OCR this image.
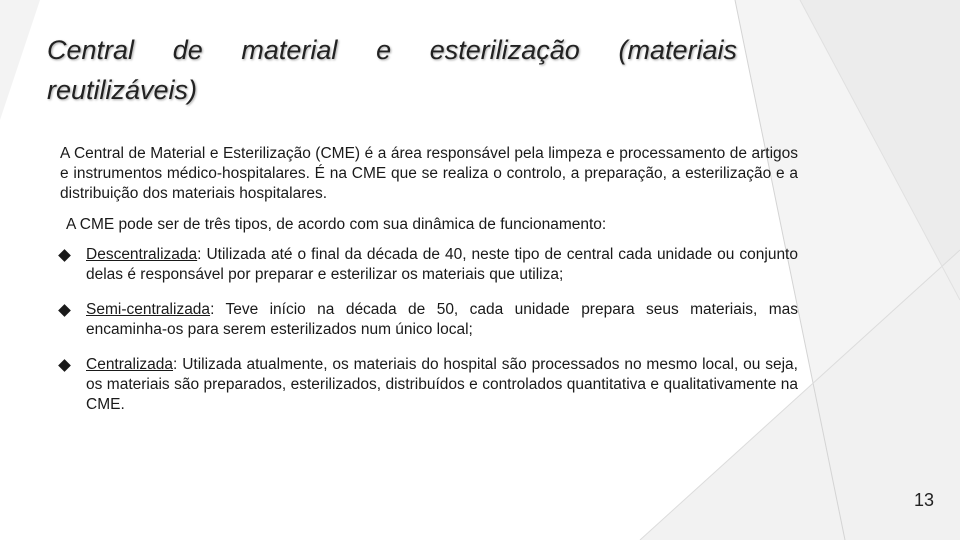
Central de material e esterilização (materiais reutilizáveis)

A Central de Material e Esterilização (CME) é a área responsável pela limpeza e processamento de artigos e instrumentos médico-hospitalares. É na CME que se realiza o controlo, a preparação, a esterilização e a distribuição dos materiais hospitalares.

A CME pode ser de três tipos, de acordo com sua dinâmica de funcionamento:

Descentralizada: Utilizada até o final da década de 40, neste tipo de central cada unidade ou conjunto delas é responsável por preparar e esterilizar os materiais que utiliza;
Semi-centralizada: Teve início na década de 50, cada unidade prepara seus materiais, mas encaminha-os para serem esterilizados num único local;
Centralizada: Utilizada atualmente, os materiais do hospital são processados no mesmo local, ou seja, os materiais são preparados, esterilizados, distribuídos e controlados quantitativa e qualitativamente na CME.
13
